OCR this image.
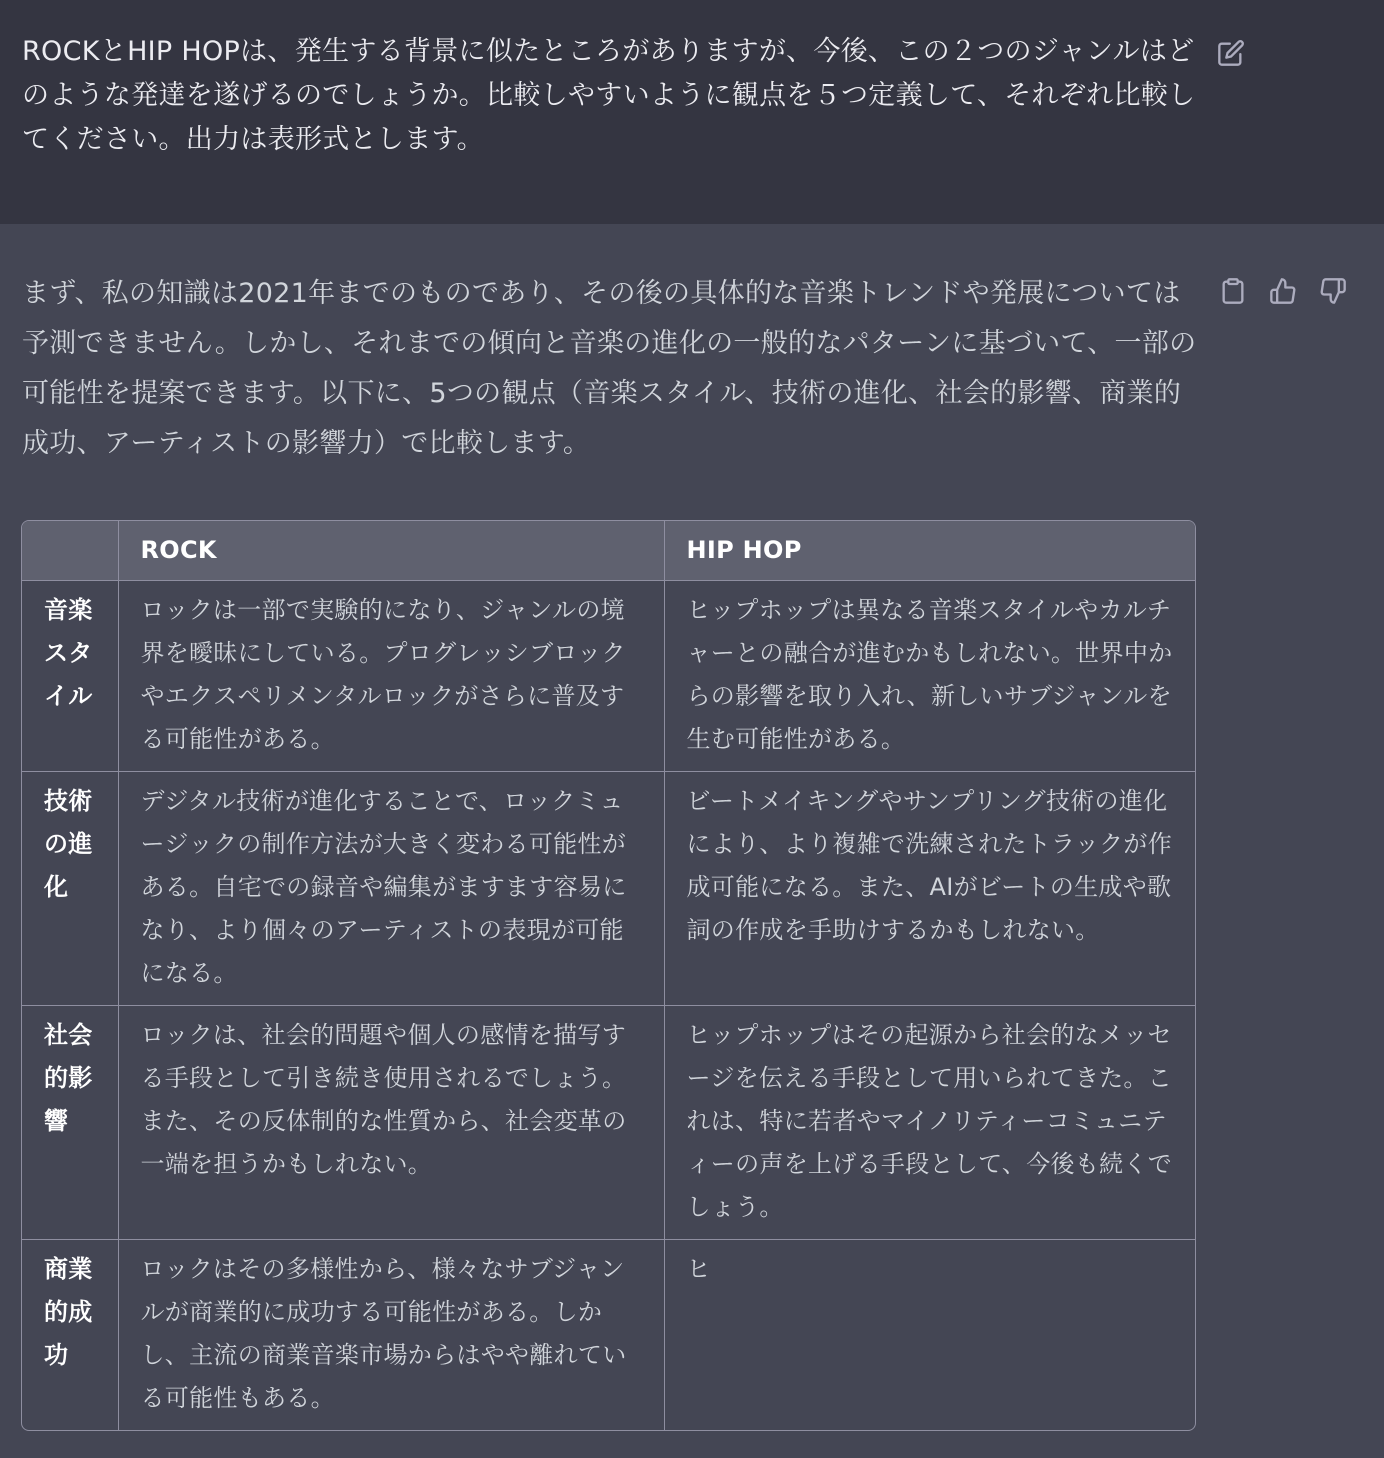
ROCKとHIP HOPは、発生する背景に似たところがありますが、今後、この２つのジャンルはどのような発達を遂げるのでしょうか。比較しやすいように観点を５つ定義して、それぞれ比較してください。出力は表形式とします。

まず、私の知識は2021年までのものであり、その後の具体的な音楽トレンドや発展については予測できません。しかし、それまでの傾向と音楽の進化の一般的なパターンに基づいて、一部の可能性を提案できます。以下に、5つの観点（音楽スタイル、技術の進化、社会的影響、商業的成功、アーティストの影響力）で比較します。

	ROCK	HIP HOP
音楽スタイル	ロックは一部で実験的になり、ジャンルの境界を曖昧にしている。プログレッシブロックやエクスペリメンタルロックがさらに普及する可能性がある。	ヒップホップは異なる音楽スタイルやカルチャーとの融合が進むかもしれない。世界中からの影響を取り入れ、新しいサブジャンルを生む可能性がある。
技術の進化	デジタル技術が進化することで、ロックミュージックの制作方法が大きく変わる可能性がある。自宅での録音や編集がますます容易になり、より個々のアーティストの表現が可能になる。	ビートメイキングやサンプリング技術の進化により、より複雑で洗練されたトラックが作成可能になる。また、AIがビートの生成や歌詞の作成を手助けするかもしれない。
社会的影響	ロックは、社会的問題や個人の感情を描写する手段として引き続き使用されるでしょう。また、その反体制的な性質から、社会変革の一端を担うかもしれない。	ヒップホップはその起源から社会的なメッセージを伝える手段として用いられてきた。これは、特に若者やマイノリティーコミュニティーの声を上げる手段として、今後も続くでしょう。
商業的成功	ロックはその多様性から、様々なサブジャンルが商業的に成功する可能性がある。しかし、主流の商業音楽市場からはやや離れている可能性もある。	ヒ
